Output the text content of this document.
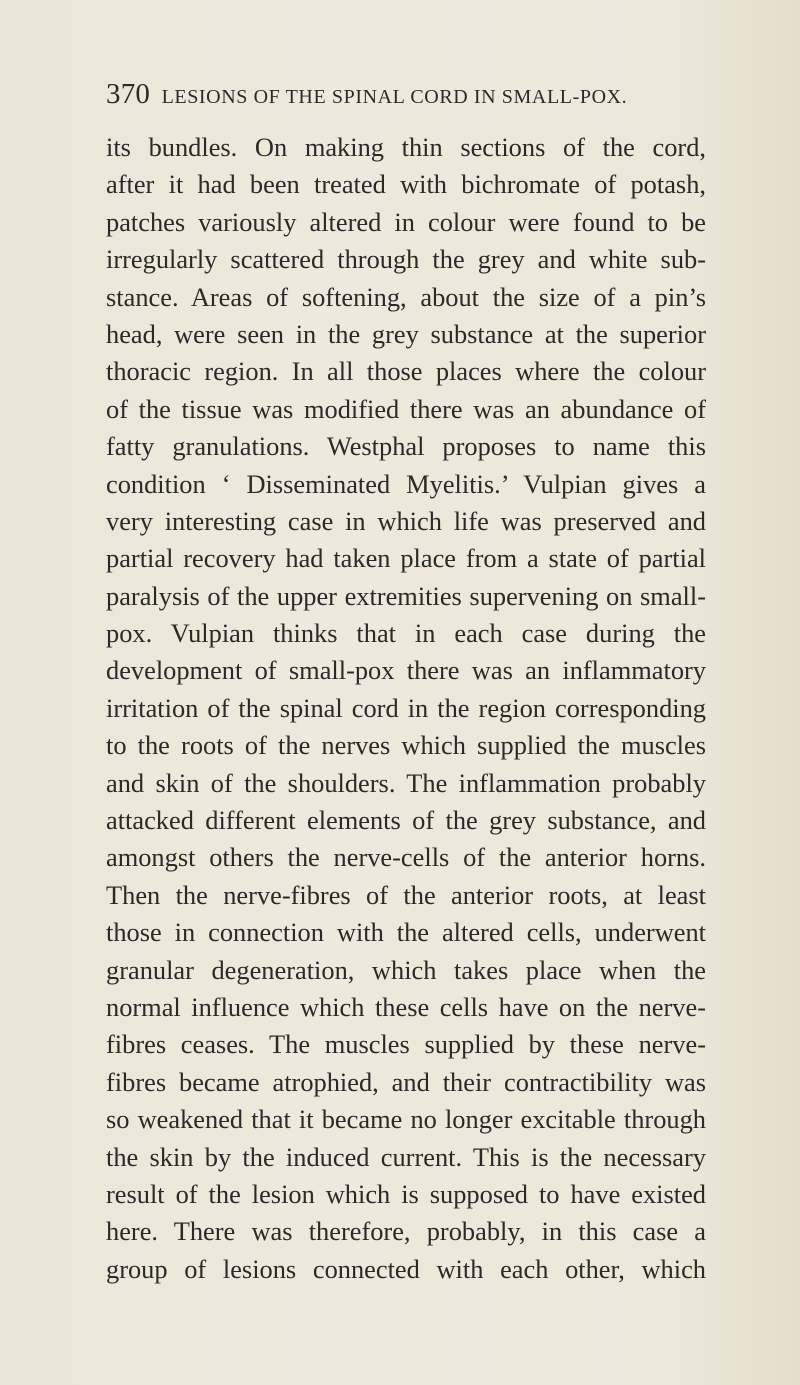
370 LESIONS OF THE SPINAL CORD IN SMALL-POX.
its bundles. On making thin sections of the cord,
after it had been treated with bichromate of potash,
patches variously altered in colour were found to be
irregularly scattered through the grey and white sub-
stance. Areas of softening, about the size of a pin’s
head, were seen in the grey substance at the superior
thoracic region. In all those places where the colour
of the tissue was modified there was an abundance of
fatty granulations. Westphal proposes to name this
condition ‘ Disseminated Myelitis.’ Vulpian gives a
very interesting case in which life was preserved and
partial recovery had taken place from a state of partial
paralysis of the upper extremities supervening on small-
pox. Vulpian thinks that in each case during the
development of small-pox there was an inflammatory
irritation of the spinal cord in the region corresponding
to the roots of the nerves which supplied the muscles
and skin of the shoulders. The inflammation probably
attacked different elements of the grey substance, and
amongst others the nerve-cells of the anterior horns.
Then the nerve-fibres of the anterior roots, at least
those in connection with the altered cells, underwent
granular degeneration, which takes place when the
normal influence which these cells have on the nerve-
fibres ceases. The muscles supplied by these nerve-
fibres became atrophied, and their contractibility was
so weakened that it became no longer excitable through
the skin by the induced current. This is the necessary
result of the lesion which is supposed to have existed
here. There was therefore, probably, in this case a
group of lesions connected with each other, which
